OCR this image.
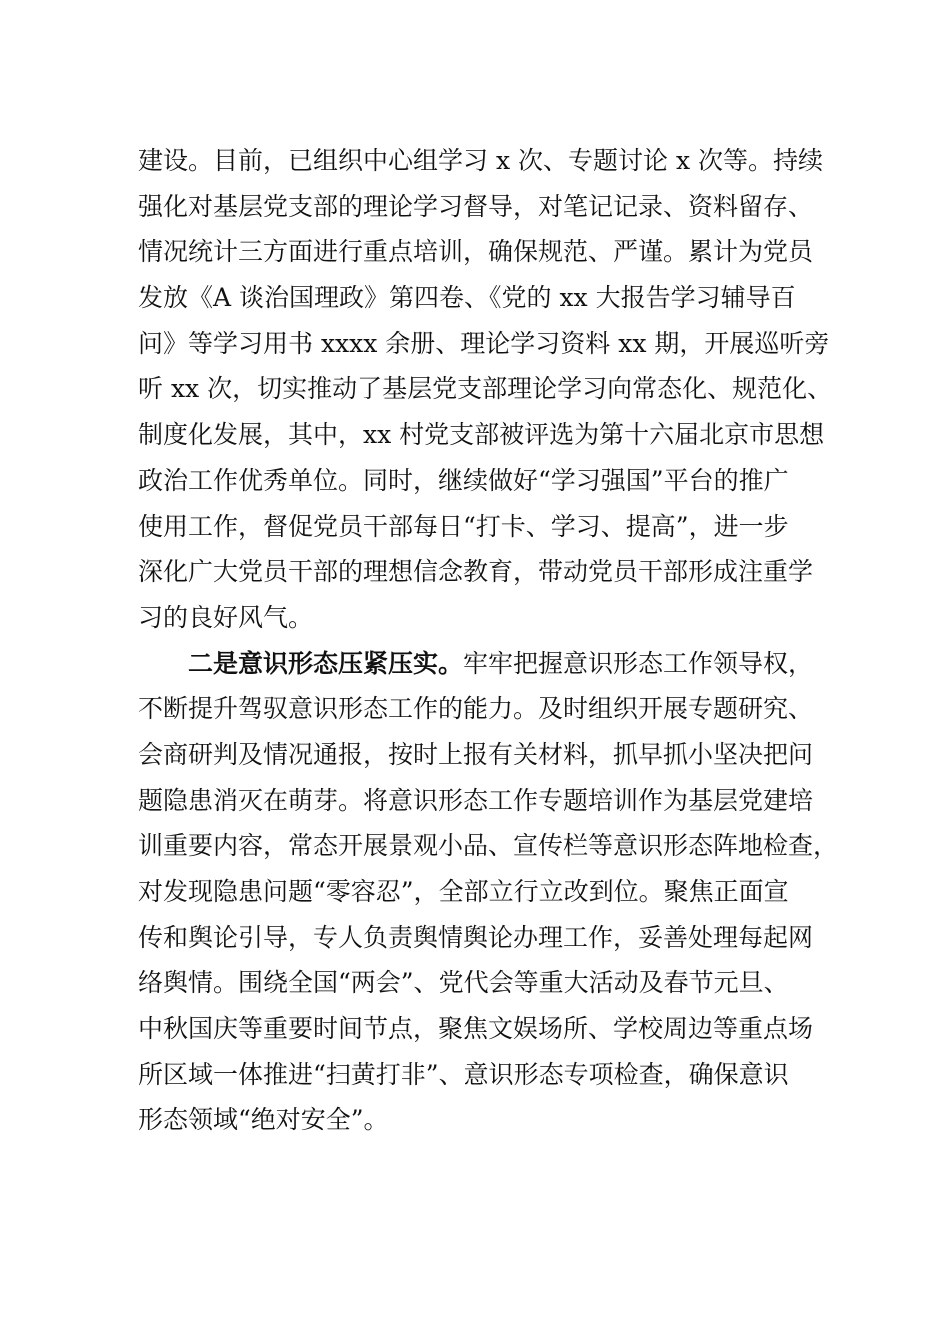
建设。目前，已组织中心组学习 x 次、专题讨论 x 次等。持续
强化对基层党支部的理论学习督导，对笔记记录、资料留存、
情况统计三方面进行重点培训，确保规范、严谨。累计为党员
发放《A 谈治国理政》第四卷、《党的 xx 大报告学习辅导百
问》等学习用书 xxxx 余册、理论学习资料 xx 期，开展巡听旁
听 xx 次，切实推动了基层党支部理论学习向常态化、规范化、
制度化发展，其中，xx 村党支部被评选为第十六届北京市思想
政治工作优秀单位。同时，继续做好“学习强国”平台的推广
使用工作，督促党员干部每日“打卡、学习、提高”，进一步
深化广大党员干部的理想信念教育，带动党员干部形成注重学
习的良好风气。
二是意识形态压紧压实。牢牢把握意识形态工作领导权，
不断提升驾驭意识形态工作的能力。及时组织开展专题研究、
会商研判及情况通报，按时上报有关材料，抓早抓小坚决把问
题隐患消灭在萌芽。将意识形态工作专题培训作为基层党建培
训重要内容，常态开展景观小品、宣传栏等意识形态阵地检查，
对发现隐患问题“零容忍”，全部立行立改到位。聚焦正面宣
传和舆论引导，专人负责舆情舆论办理工作，妥善处理每起网
络舆情。围绕全国“两会”、党代会等重大活动及春节元旦、
中秋国庆等重要时间节点，聚焦文娱场所、学校周边等重点场
所区域一体推进“扫黄打非”、意识形态专项检查，确保意识
形态领域“绝对安全”。
